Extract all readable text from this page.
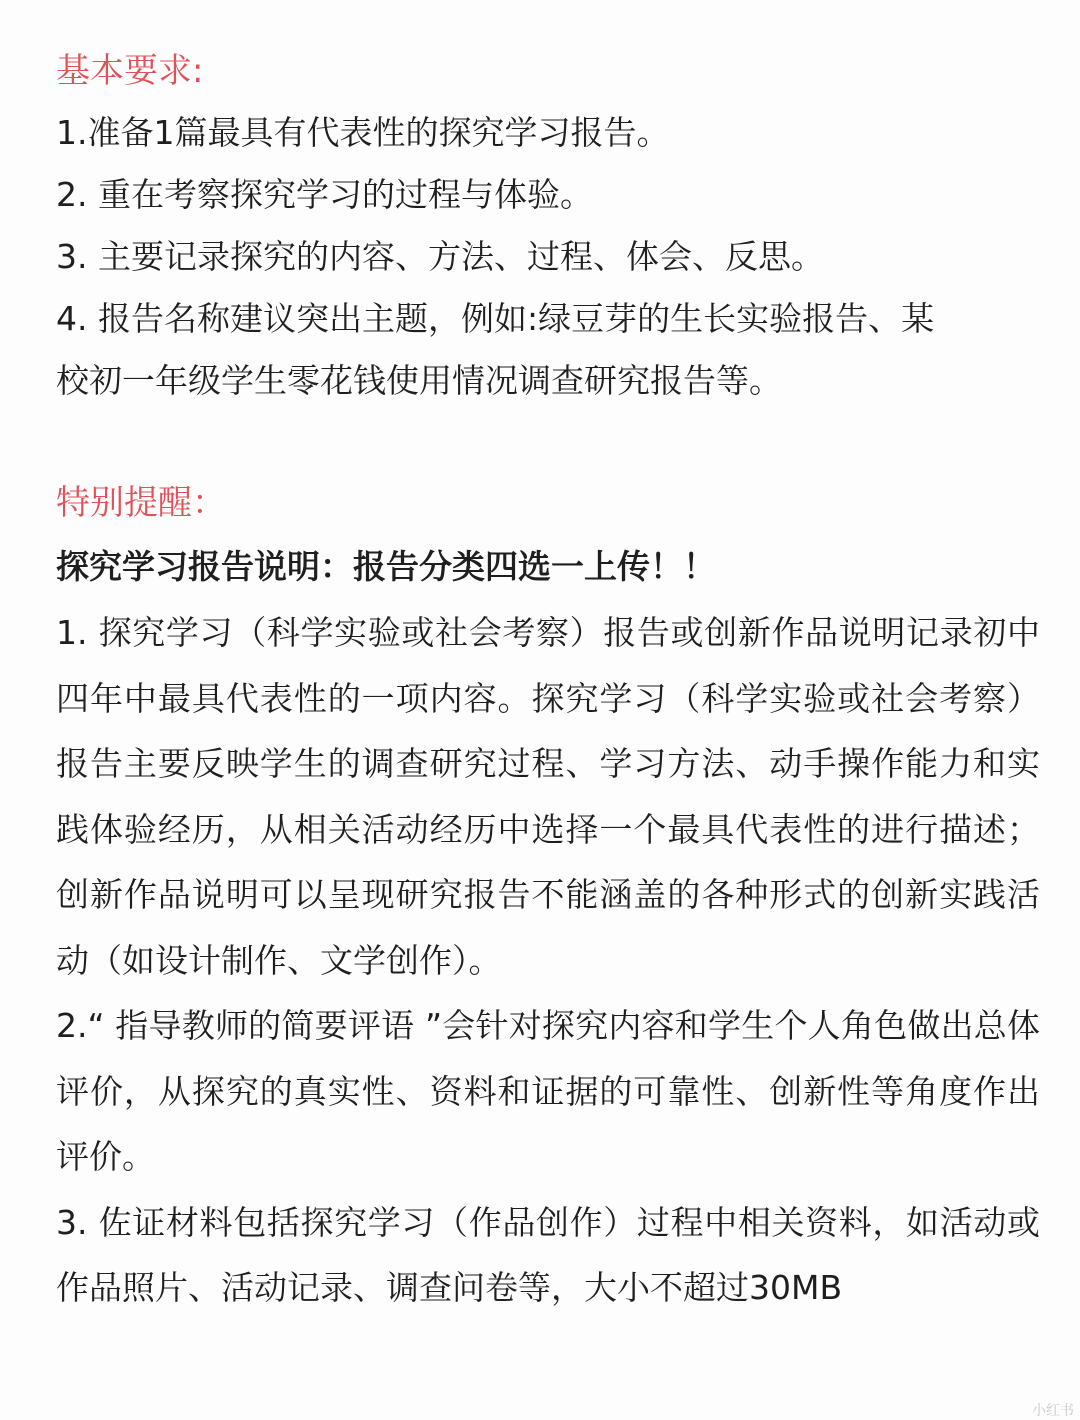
基本要求:

1.准备1篇最具有代表性的探究学习报告。

2. 重在考察探究学习的过程与体验。

3. 主要记录探究的内容、方法、过程、体会、反思。

4. 报告名称建议突出主题，例如:绿豆芽的生长实验报告、某

校初一年级学生零花钱使用情况调查研究报告等。

特别提醒：

探究学习报告说明：报告分类四选一上传！！

1. 探究学习（科学实验或社会考察）报告或创新作品说明记录初中四年中最具代表性的一项内容。探究学习（科学实验或社会考察）报告主要反映学生的调查研究过程、学习方法、动手操作能力和实践体验经历，从相关活动经历中选择一个最具代表性的进行描述；创新作品说明可以呈现研究报告不能涵盖的各种形式的创新实践活动（如设计制作、文学创作）。

2.“ 指导教师的简要评语 ”会针对探究内容和学生个人角色做出总体评价，从探究的真实性、资料和证据的可靠性、创新性等角度作出评价。

3. 佐证材料包括探究学习（作品创作）过程中相关资料，如活动或作品照片、活动记录、调查问卷等，大小不超过30MB

小红书
